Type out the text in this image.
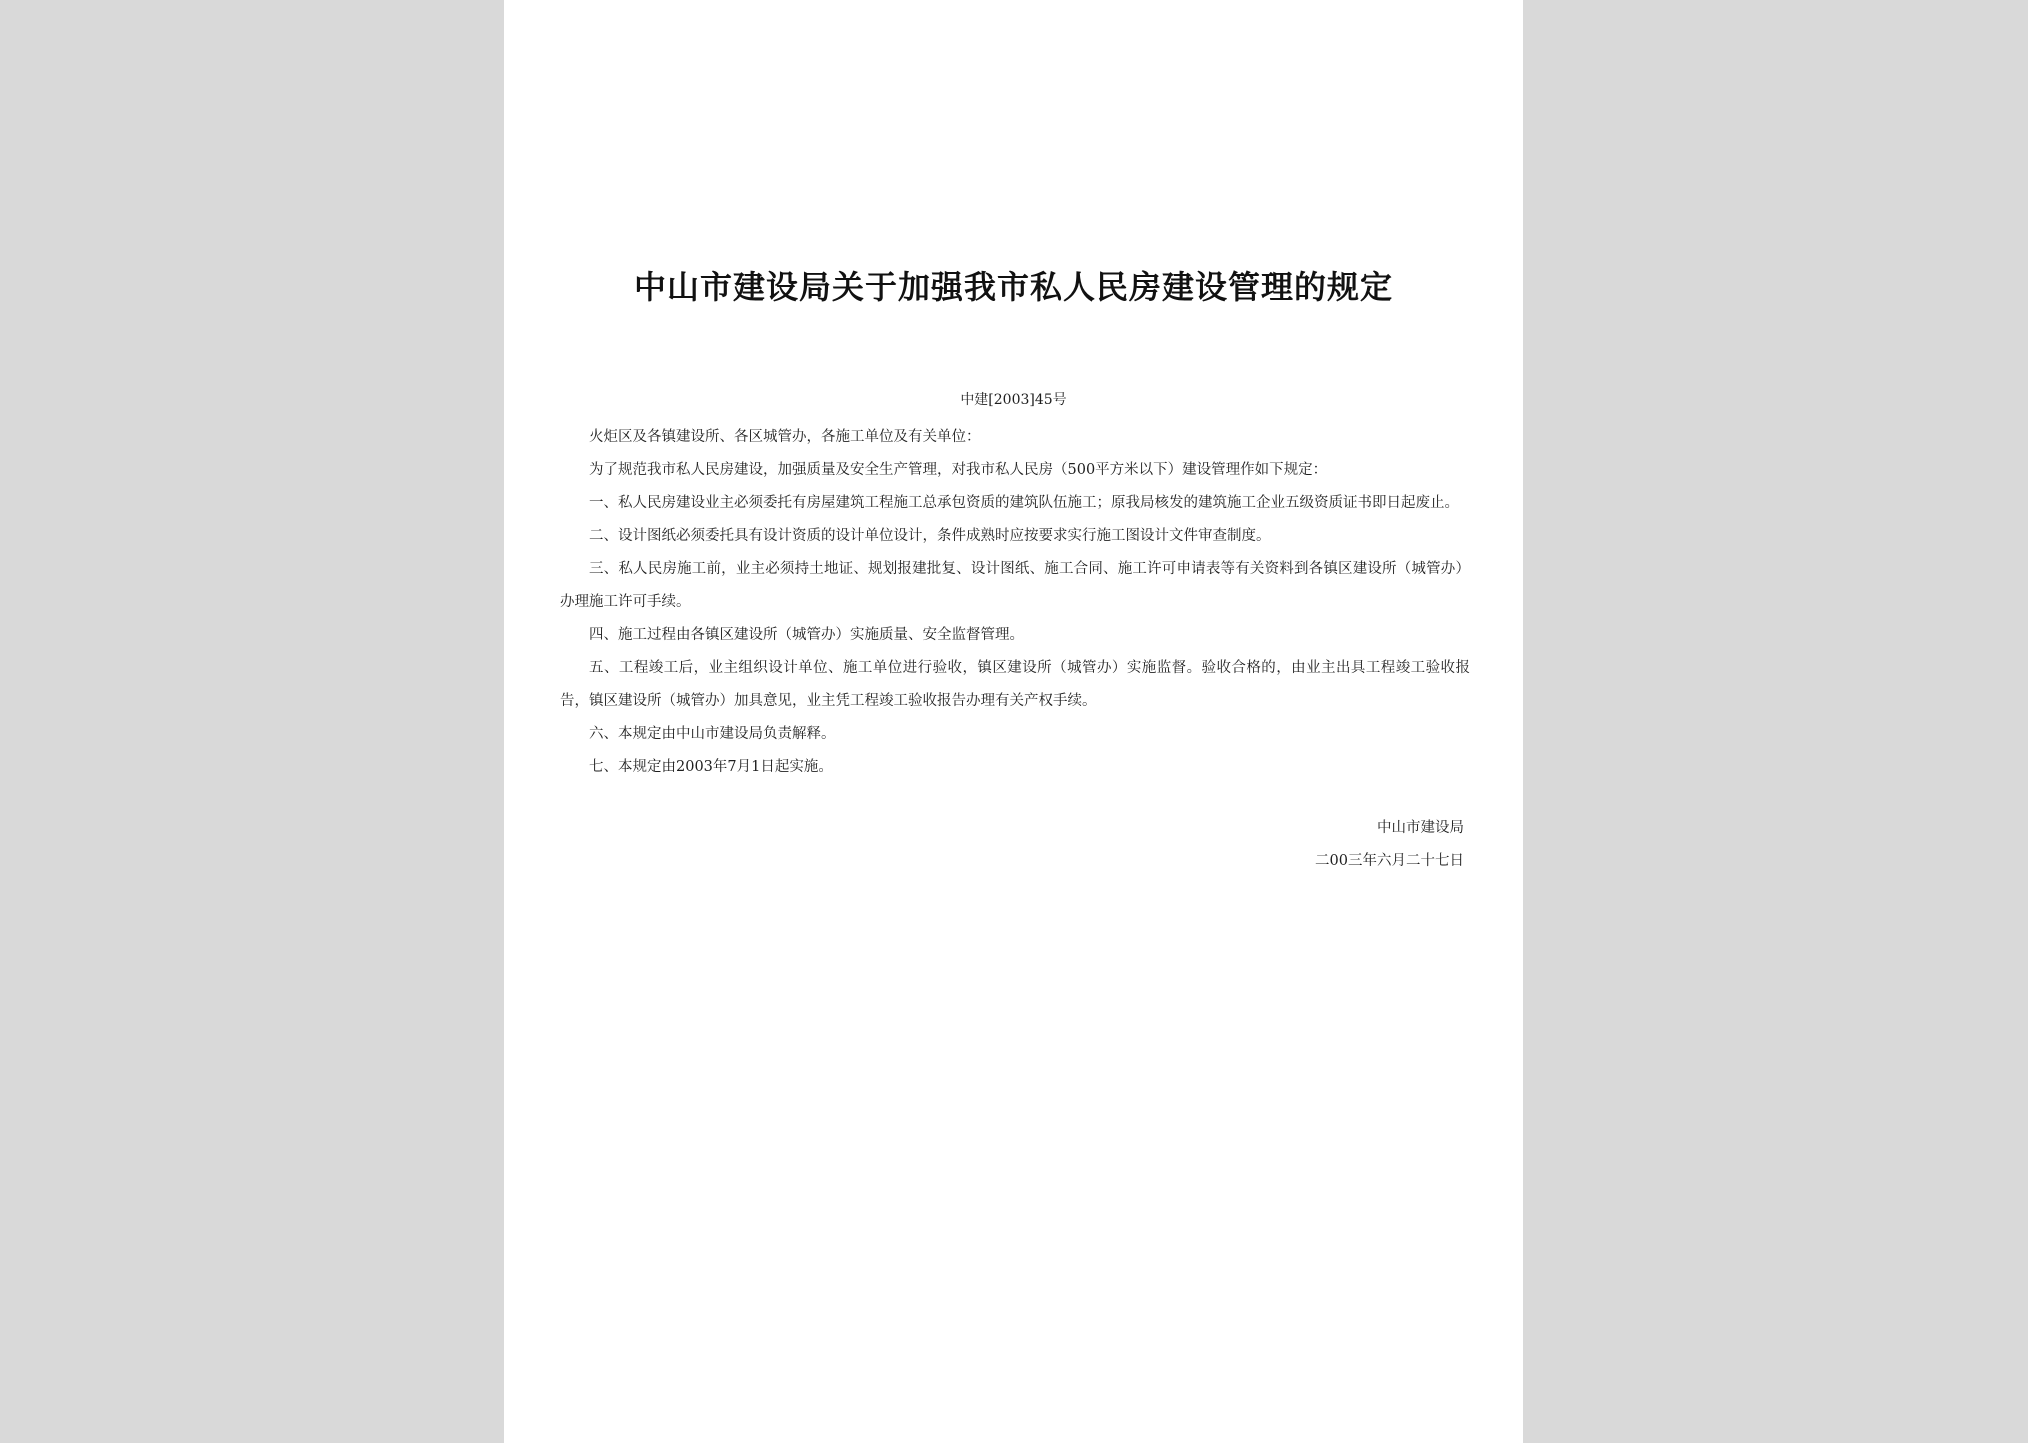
中山市建设局关于加强我市私人民房建设管理的规定
中建[2003]45号

火炬区及各镇建设所、各区城管办，各施工单位及有关单位：

为了规范我市私人民房建设，加强质量及安全生产管理，对我市私人民房（500平方米以下）建设管理作如下规定：

一、私人民房建设业主必须委托有房屋建筑工程施工总承包资质的建筑队伍施工；原我局核发的建筑施工企业五级资质证书即日起废止。

二、设计图纸必须委托具有设计资质的设计单位设计，条件成熟时应按要求实行施工图设计文件审查制度。

三、私人民房施工前，业主必须持土地证、规划报建批复、设计图纸、施工合同、施工许可申请表等有关资料到各镇区建设所（城管办）办理施工许可手续。

四、施工过程由各镇区建设所（城管办）实施质量、安全监督管理。

五、工程竣工后，业主组织设计单位、施工单位进行验收，镇区建设所（城管办）实施监督。验收合格的，由业主出具工程竣工验收报告，镇区建设所（城管办）加具意见，业主凭工程竣工验收报告办理有关产权手续。

六、本规定由中山市建设局负责解释。

七、本规定由2003年7月1日起实施。

中山市建设局
二00三年六月二十七日
